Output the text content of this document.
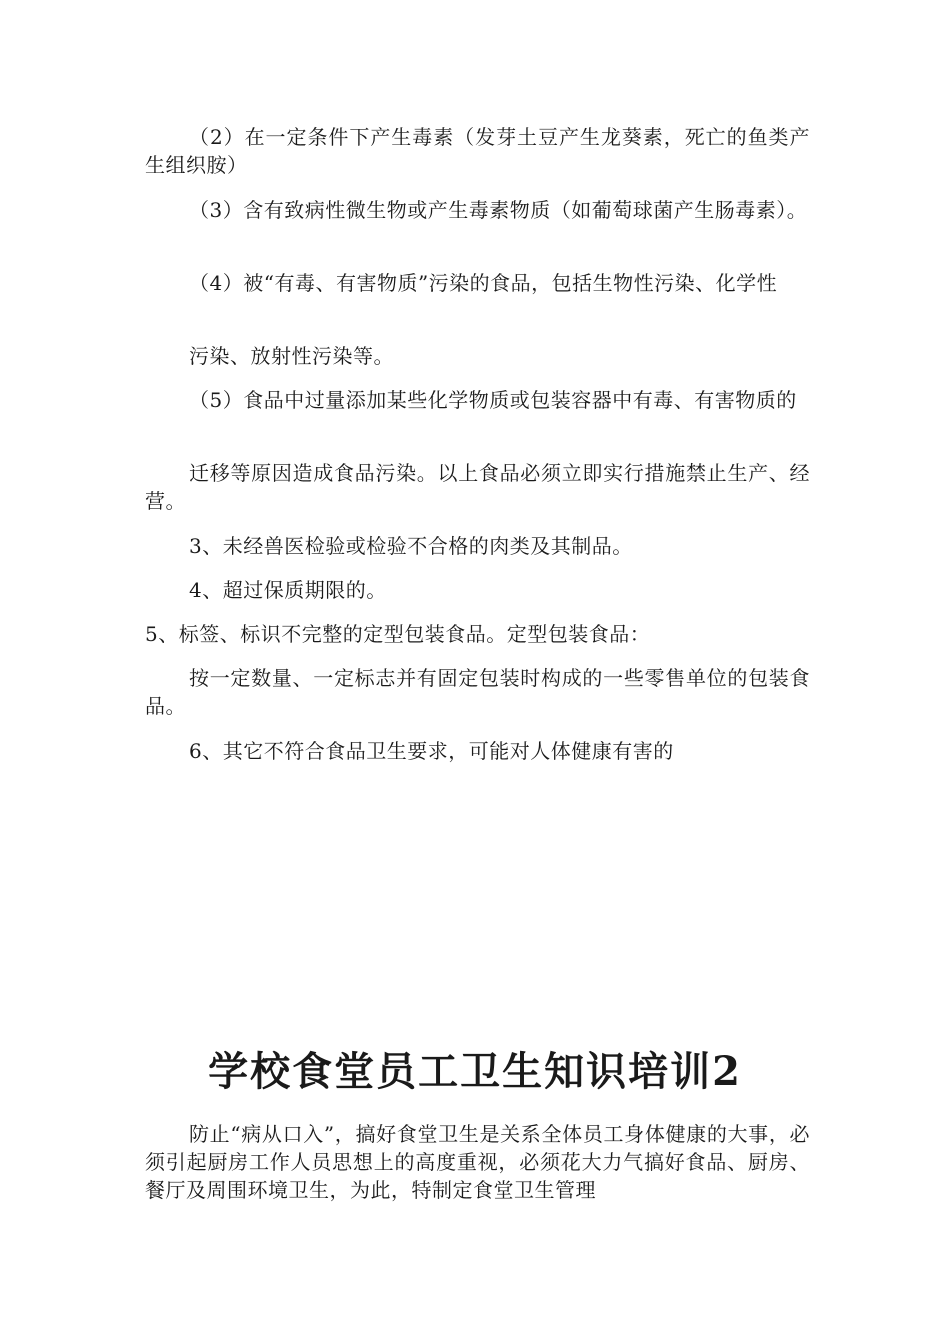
（2）在一定条件下产生毒素（发芽土豆产生龙葵素，死亡的鱼类产生组织胺）

（3）含有致病性微生物或产生毒素物质（如葡萄球菌产生肠毒素）。

（4）被“有毒、有害物质”污染的食品，包括生物性污染、化学性

污染、放射性污染等。

（5）食品中过量添加某些化学物质或包装容器中有毒、有害物质的

迁移等原因造成食品污染。以上食品必须立即实行措施禁止生产、经营。

3、未经兽医检验或检验不合格的肉类及其制品。

4、超过保质期限的。

5、标签、标识不完整的定型包装食品。定型包装食品：

按一定数量、一定标志并有固定包装时构成的一些零售单位的包装食品。

6、其它不符合食品卫生要求，可能对人体健康有害的

学校食堂员工卫生知识培训2

防止“病从口入”，搞好食堂卫生是关系全体员工身体健康的大事，必须引起厨房工作人员思想上的高度重视，必须花大力气搞好食品、厨房、餐厅及周围环境卫生，为此，特制定食堂卫生管理
